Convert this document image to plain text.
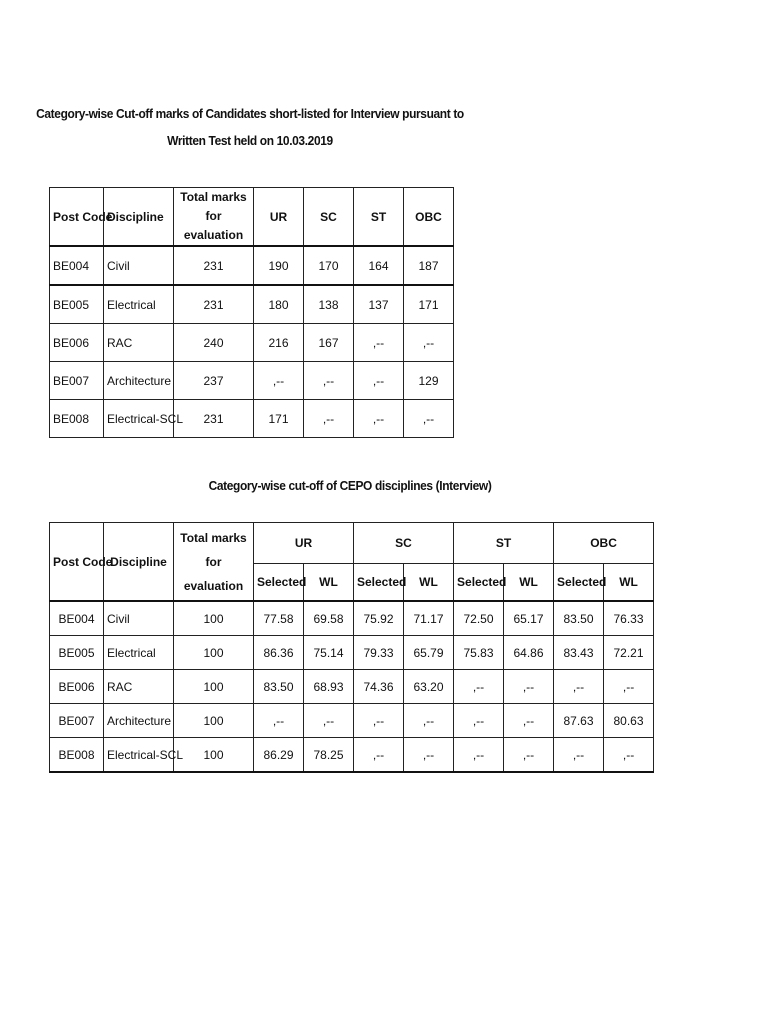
Category-wise Cut-off marks of Candidates short-listed for Interview pursuant to
Written Test held on 10.03.2019
Post Code	Discipline	Total marks for evaluation	UR	SC	ST	OBC
BE004	Civil	231	190	170	164	187
BE005	Electrical	231	180	138	137	171
BE006	RAC	240	216	167	,--	,--
BE007	Architecture	237	,--	,--	,--	129
BE008	Electrical-SCL	231	171	,--	,--	,--
Category-wise cut-off of CEPO disciplines (Interview)
Post Code	Discipline	Total marks for evaluation	UR		SC		ST		OBC	
			Selected	WL	Selected	WL	Selected	WL	Selected	WL
BE004	Civil	100	77.58	69.58	75.92	71.17	72.50	65.17	83.50	76.33
BE005	Electrical	100	86.36	75.14	79.33	65.79	75.83	64.86	83.43	72.21
BE006	RAC	100	83.50	68.93	74.36	63.20	,--	,--	,--	,--
BE007	Architecture	100	,--	,--	,--	,--	,--	,--	87.63	80.63
BE008	Electrical-SCL	100	86.29	78.25	,--	,--	,--	,--	,--	,--
